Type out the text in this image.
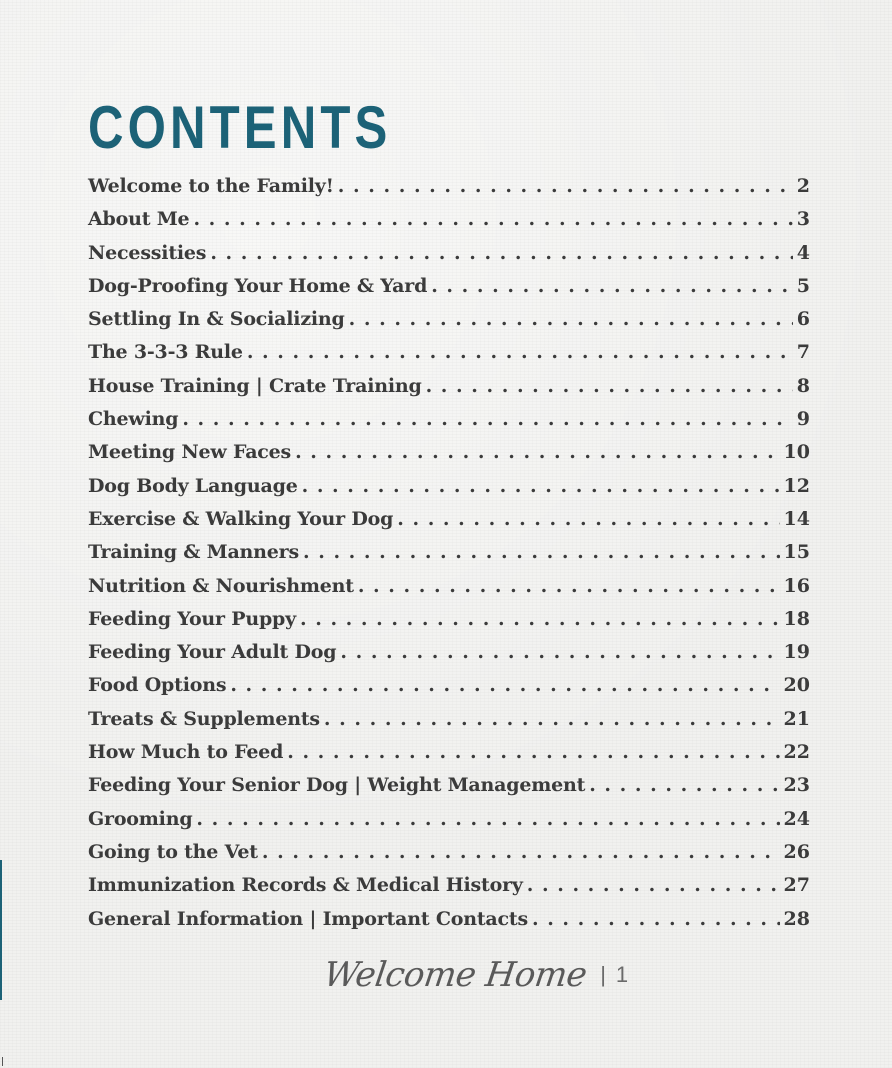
CONTENTS
Welcome to the Family! . . .	2
About Me . . .	3
Necessities . . .	4
Dog-Proofing Your Home & Yard . . .	5
Settling In & Socializing . . .	6
The 3-3-3 Rule . . .	7
House Training | Crate Training . . .	8
Chewing . . .	9
Meeting New Faces . . .	10
Dog Body Language . . .	12
Exercise & Walking Your Dog . . .	14
Training & Manners . . .	15
Nutrition & Nourishment . . .	16
Feeding Your Puppy . . .	18
Feeding Your Adult Dog . . .	19
Food Options . . .	20
Treats & Supplements . . .	21
How Much to Feed . . .	22
Feeding Your Senior Dog | Weight Management . . .	23
Grooming . . .	24
Going to the Vet . . .	26
Immunization Records & Medical History . . .	27
General Information | Important Contacts . . .	28
Welcome Home | 1
